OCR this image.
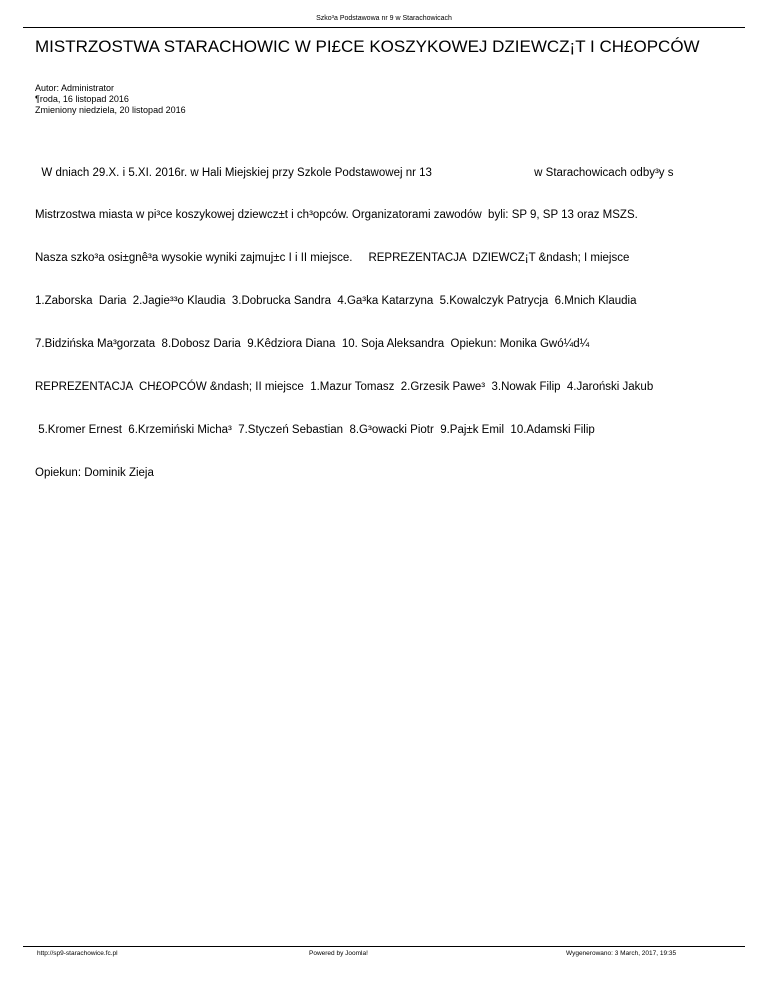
Szko³a Podstawowa nr 9 w Starachowicach
MISTRZOSTWA STARACHOWIC W PI£CE KOSZYKOWEJ DZIEWCZ¡T I CH£OPCÓW
Autor: Administrator
¶roda, 16 listopad 2016
Zmieniony niedziela, 20 listopad 2016

W dniach 29.X. i 5.XI. 2016r. w Hali Miejskiej przy Szkole Podstawowej nr 13                                w Starachowicach odby³y s

Mistrzostwa miasta w pi³ce koszykowej dziewcz±t i ch³opców. Organizatorami zawodów  byli: SP 9, SP 13 oraz MSZS.

Nasza szko³a osi±gnê³a wysokie wyniki zajmuj±c I i II miejsce.     REPREZENTACJA  DZIEWCZ¡T &ndash; I miejsce

1.Zaborska  Daria  2.Jagie³³o Klaudia  3.Dobrucka Sandra  4.Ga³ka Katarzyna  5.Kowalczyk Patrycja  6.Mnich Klaudia

7.Bidzińska Ma³gorzata  8.Dobosz Daria  9.Kêdziora Diana  10. Soja Aleksandra  Opiekun: Monika Gwó¼d¼

REPREZENTACJA  CH£OPCÓW &ndash; II miejsce  1.Mazur Tomasz  2.Grzesik Pawe³  3.Nowak Filip  4.Jaroński Jakub

5.Kromer Ernest  6.Krzemiński Micha³  7.Styczeń Sebastian  8.G³owacki Piotr  9.Paj±k Emil  10.Adamski Filip

Opiekun: Dominik Zieja

http://sp9-starachowice.fc.pl	Powered by Joomla!	Wygenerowano: 3 March, 2017, 19:35
